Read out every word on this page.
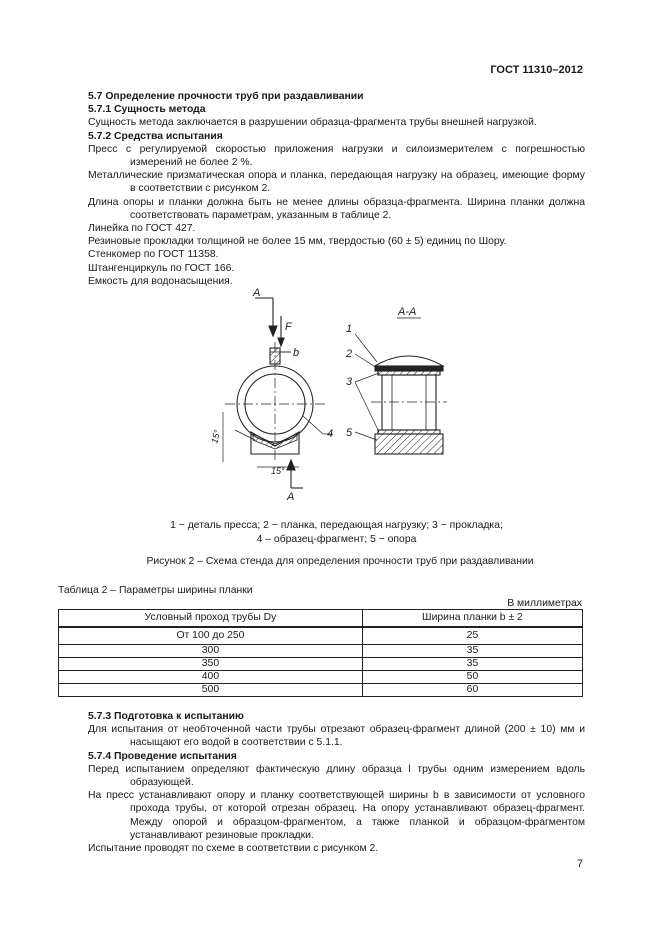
ГОСТ 11310–2012

5.7 Определение прочности труб при раздавливании

5.7.1 Сущность метода

Сущность метода заключается в разрушении образца-фрагмента трубы внешней нагрузкой.

5.7.2 Средства испытания

Пресс с регулируемой скоростью приложения нагрузки и силоизмерителем с погрешностью измерений не более 2 %.

Металлические призматическая опора и планка, передающая нагрузку на образец, имеющие форму в соответствии с рисунком 2.

Длина опоры и планки должна быть не менее длины образца-фрагмента. Ширина планки должна соответствовать параметрам, указанным в таблице 2.

Линейка по ГОСТ 427.

Резиновые прокладки толщиной не более 15 мм, твердостью (60 ± 5) единиц по Шору.

Стенкомер по ГОСТ 11358.

Штангенциркуль по ГОСТ 166.

Емкость для водонасыщения.

A
F
b
A-A
15°
15°
A
1
2
3
4 5
1 − деталь пресса; 2 − планка, передающая нагрузку; 3 − прокладка;
4 – образец-фрагмент; 5 − опора
Рисунок 2 – Схема стенда для определения прочности труб при раздавливании
Таблица 2 – Параметры ширины планки
В миллиметрах
Условный проход трубы Dу	Ширина планки b ± 2
От 100 до 250	25
300	35
350	35
400	50
500	60

5.7.3 Подготовка к испытанию

Для испытания от необточенной части трубы отрезают образец-фрагмент длиной (200 ± 10) мм и насыщают его водой в соответствии с 5.1.1.

5.7.4 Проведение испытания

Перед испытанием определяют фактическую длину образца l трубы одним измерением вдоль образующей.

На пресс устанавливают опору и планку соответствующей ширины b в зависимости от условного прохода трубы, от которой отрезан образец. На опору устанавливают образец-фрагмент. Между опорой и образцом-фрагментом, а также планкой и образцом-фрагментом устанавливают резиновые прокладки.

Испытание проводят по схеме в соответствии с рисунком 2.

7
